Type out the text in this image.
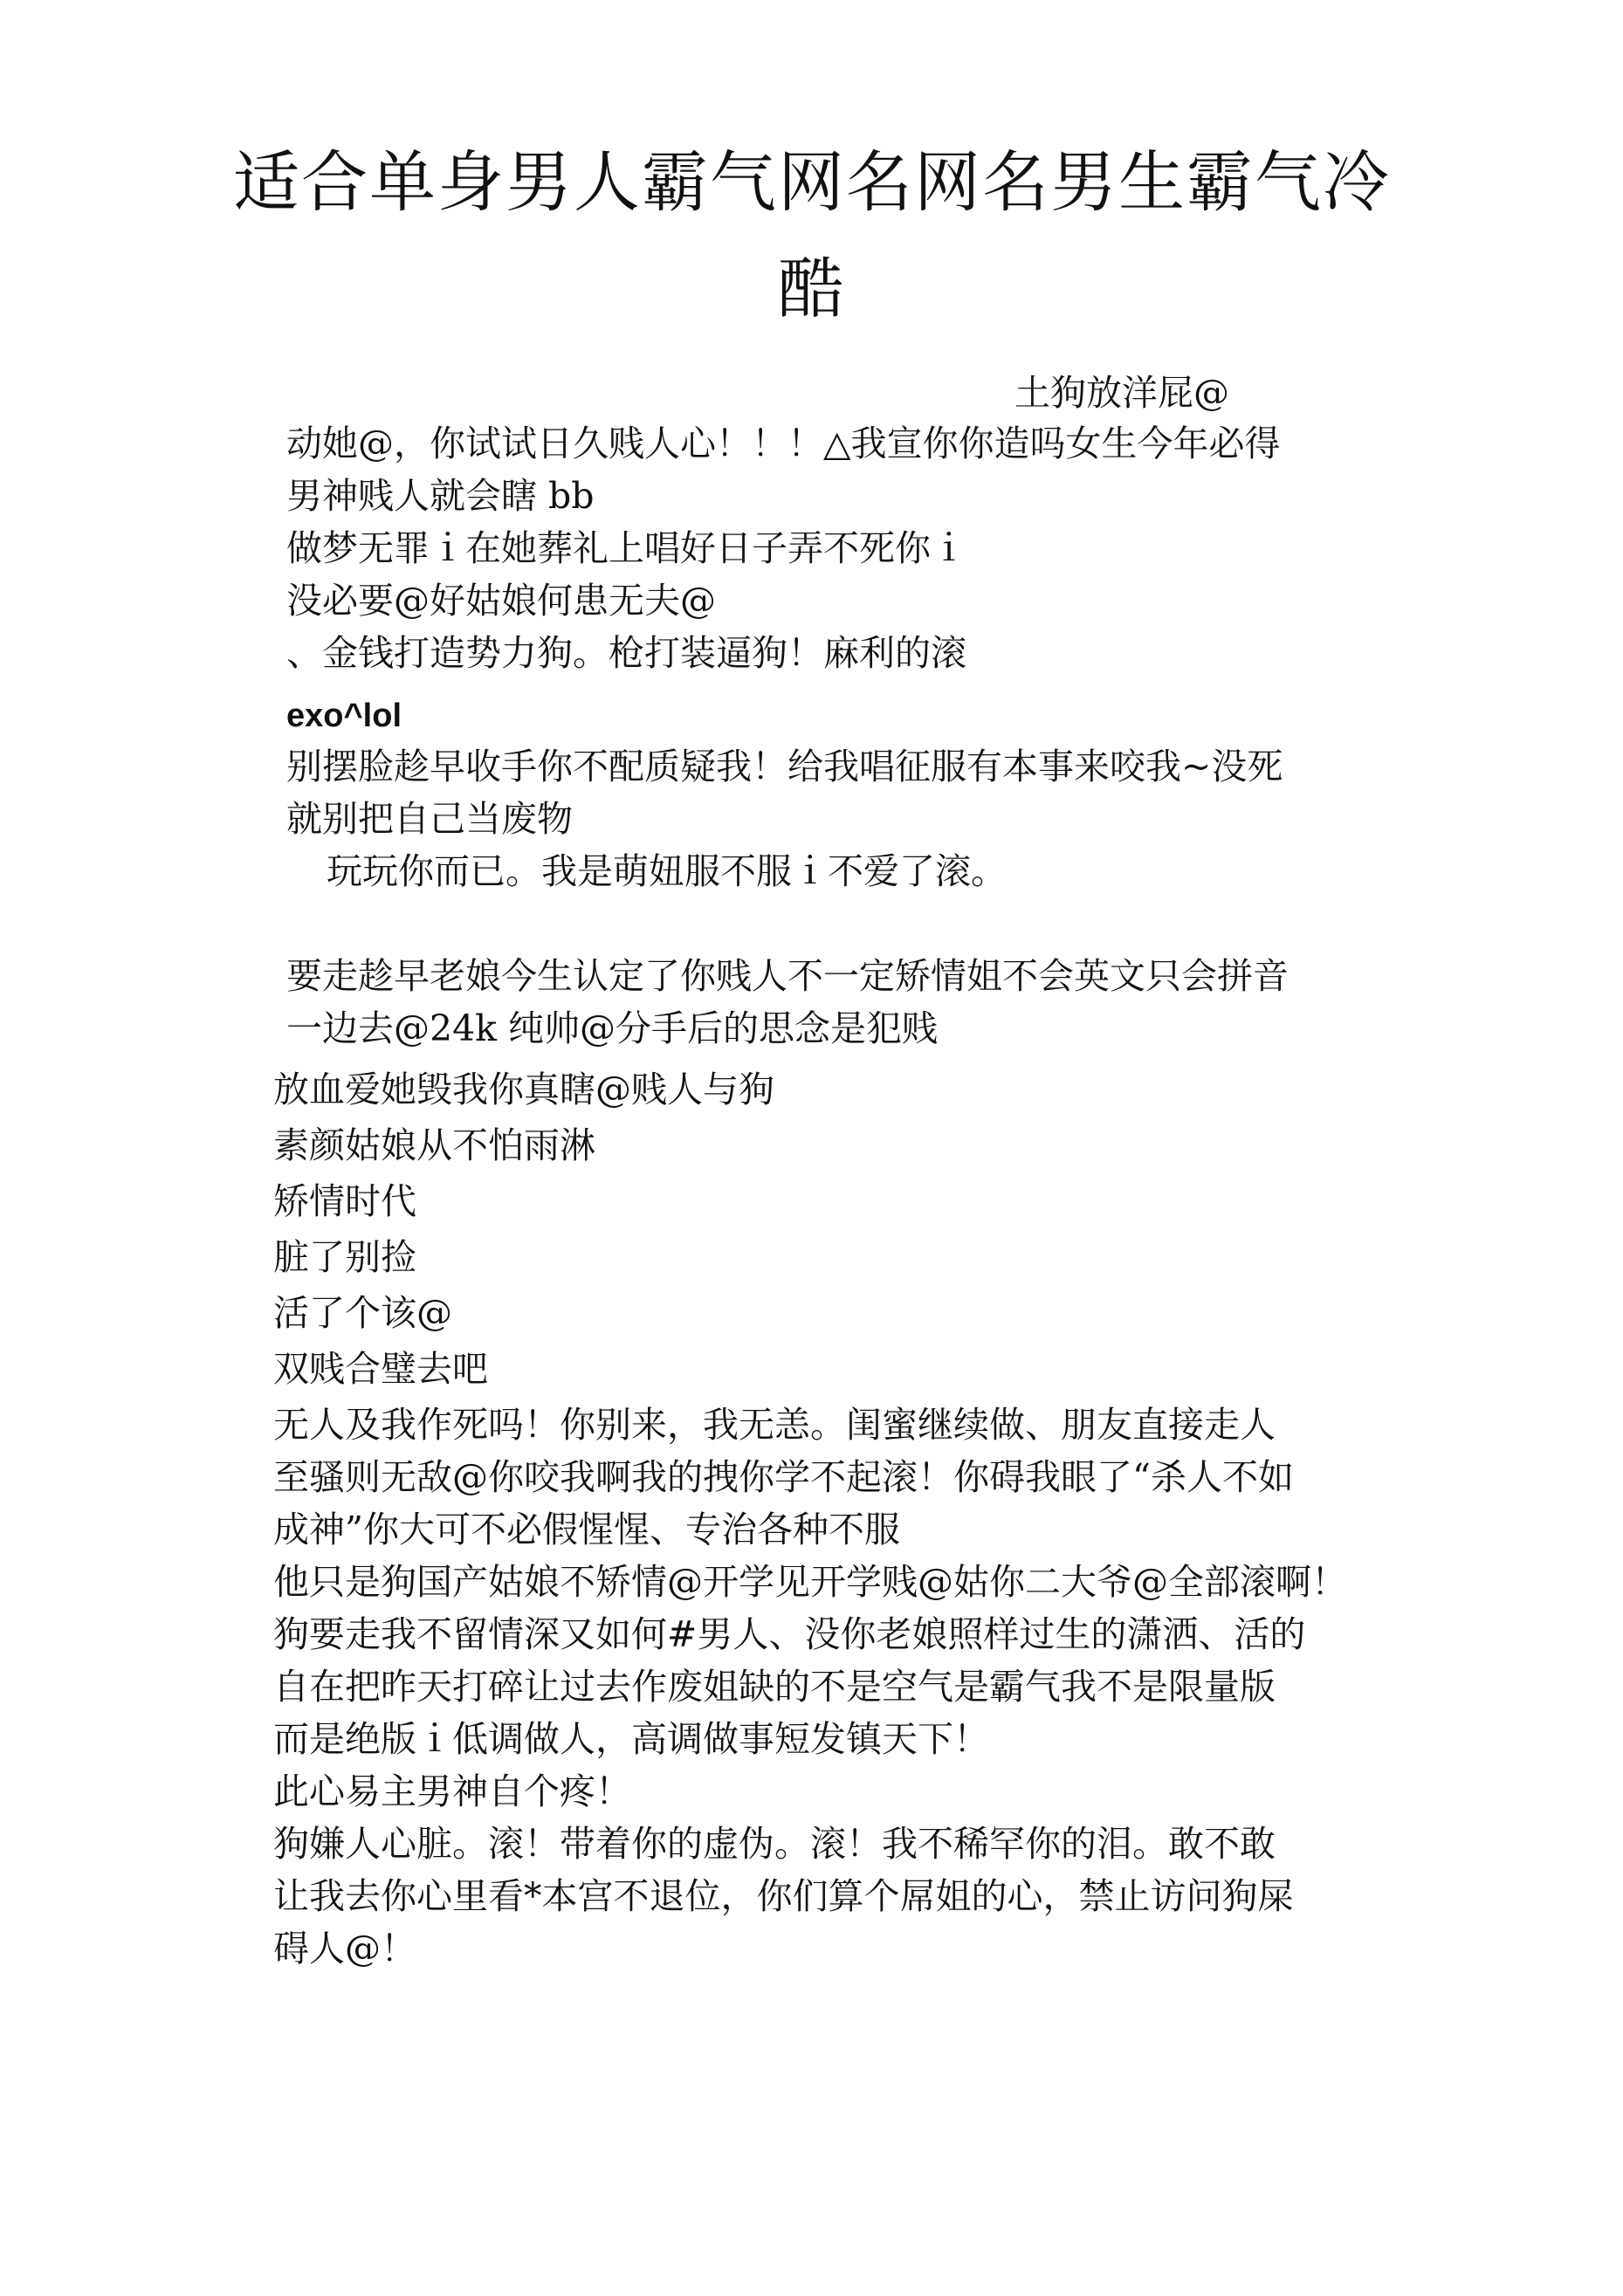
适合单身男人霸气网名网名男生霸气冷
酷
土狗放洋屁@
动她@，你试试日久贱人心！！！△我宣你你造吗女生今年必得
男神贱人就会瞎 bb
做梦无罪ｉ在她葬礼上唱好日子弄不死你ｉ
没必要@好姑娘何患无夫@
、金钱打造势力狗。枪打装逼狗！麻利的滚
exo^lol
别摆脸趁早收手你不配质疑我！给我唱征服有本事来咬我~没死
就别把自己当废物
玩玩你而已。我是萌妞服不服ｉ不爱了滚。
要走趁早老娘今生认定了你贱人不一定矫情姐不会英文只会拼音
一边去@24k 纯帅@分手后的思念是犯贱
放血爱她毁我你真瞎@贱人与狗
素颜姑娘从不怕雨淋
矫情时代
脏了别捡
活了个该@
双贱合璧去吧
无人及我作死吗！你别来，我无恙。闺蜜继续做、朋友直接走人
至骚则无敌@你咬我啊我的拽你学不起滚！你碍我眼了“杀人不如
成神”你大可不必假惺惺、专治各种不服
他只是狗国产姑娘不矫情@开学见开学贱@姑你二大爷@全部滚啊！
狗要走我不留情深又如何#男人、没你老娘照样过生的潇洒、活的
自在把昨天打碎让过去作废姐缺的不是空气是霸气我不是限量版
而是绝版ｉ低调做人，高调做事短发镇天下！
此心易主男神自个疼！
狗嫌人心脏。滚！带着你的虚伪。滚！我不稀罕你的泪。敢不敢
让我去你心里看*本宫不退位，你们算个屌姐的心，禁止访问狗屎
碍人@！
